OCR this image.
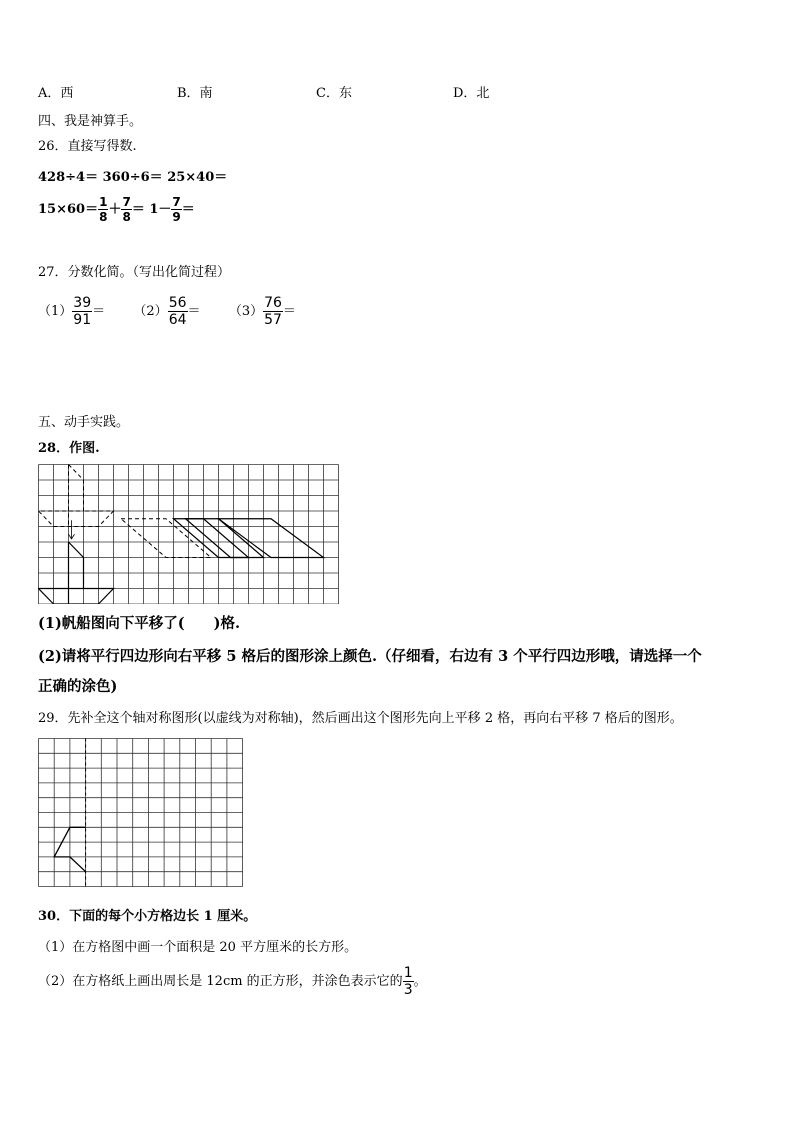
A．西	B．南	C．东	D．北
四、我是神算手。
26．直接写得数.
428÷4＝ 360÷6＝ 25×40＝
$15\times 60= \frac{1}{8} + \frac{7}{8} = 1- \frac{7}{9}$ ＝
27．分数化简。（写出化简过程）
$(1) \frac{39}{91} = (2) \frac{56}{64} = (3) \frac{76}{57}$ ＝
五、动手实践。
28．作图.
(1)帆船图向下平移了(　　)格.
(2)请将平行四边形向右平移 5 格后的图形涂上颜色.（仔细看，右边有 3 个平行四边形哦，请选择一个
正确的涂色)
29．先补全这个轴对称图形(以虚线为对称轴)，然后画出这个图形先向上平移 2 格，再向右平移 7 格后的图形。
30．下面的每个小方格边长 1 厘米。
（1）在方格图中画一个面积是 20 平方厘米的长方形。
（2）在方格纸上画出周长是 12cm 的正方形，并涂色表示它的 $\frac{1}{3}$ 。
